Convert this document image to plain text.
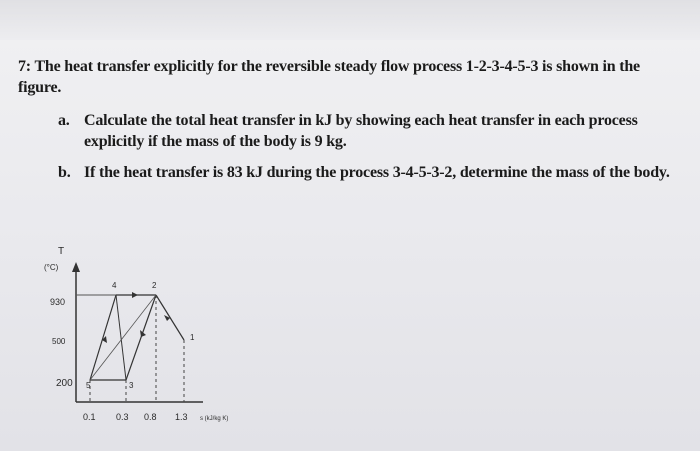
7: The heat transfer explicitly for the reversible steady flow process 1-2-3-4-5-3 is shown in the figure.
a. Calculate the total heat transfer in kJ by showing each heat transfer in each process explicitly if the mass of the body is 9 kg.
b. If the heat transfer is 83 kJ during the process 3-4-5-3-2, determine the mass of the body.
T
(°C)
930
500
200
4	2
1
5	3
0.1 0.3 0.8 1.3 s (kJ/kg K)
